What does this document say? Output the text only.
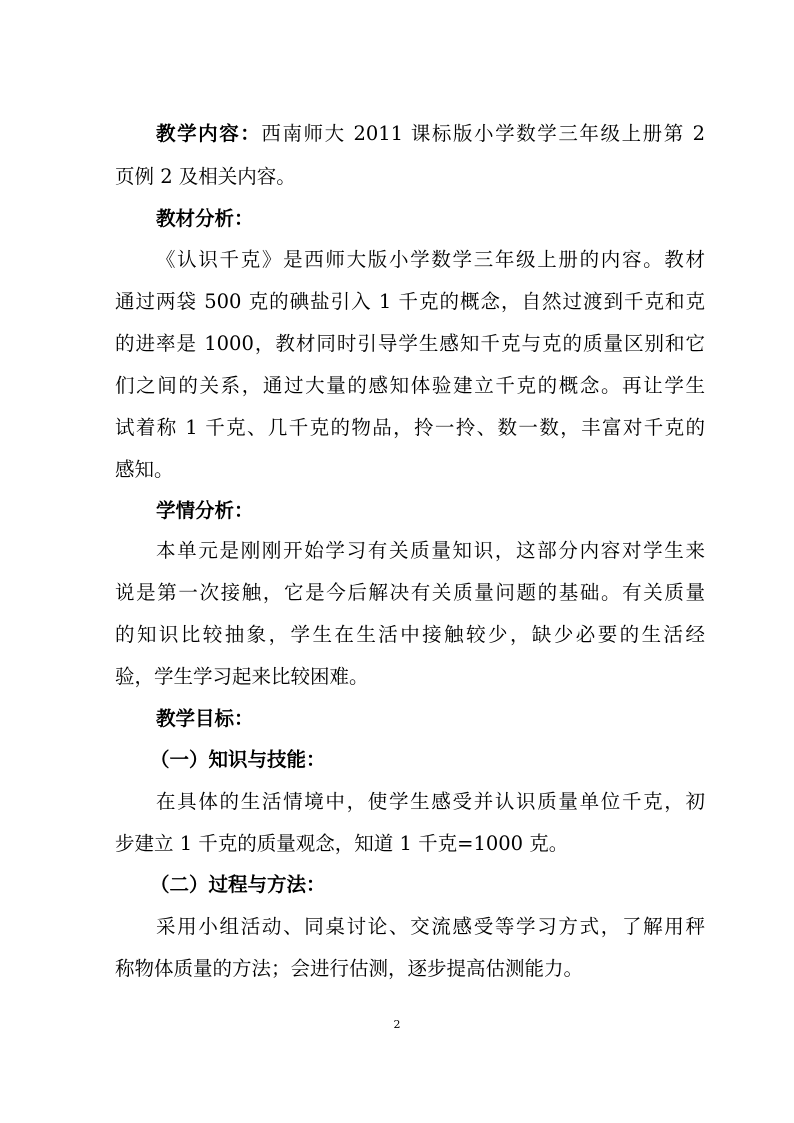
教学内容：西南师大 2011 课标版小学数学三年级上册第 2
页例 2 及相关内容。
教材分析：
《认识千克》是西师大版小学数学三年级上册的内容。教材
通过两袋 500 克的碘盐引入 1 千克的概念，自然过渡到千克和克
的进率是 1000，教材同时引导学生感知千克与克的质量区别和它
们之间的关系，通过大量的感知体验建立千克的概念。再让学生
试着称 1 千克、几千克的物品，拎一拎、数一数，丰富对千克的
感知。
学情分析：
本单元是刚刚开始学习有关质量知识，这部分内容对学生来
说是第一次接触，它是今后解决有关质量问题的基础。有关质量
的知识比较抽象，学生在生活中接触较少，缺少必要的生活经
验，学生学习起来比较困难。
教学目标：
（一）知识与技能：
在具体的生活情境中，使学生感受并认识质量单位千克，初
步建立 1 千克的质量观念，知道 1 千克=1000 克。
（二）过程与方法：
采用小组活动、同桌讨论、交流感受等学习方式，了解用秤
称物体质量的方法；会进行估测，逐步提高估测能力。
2
